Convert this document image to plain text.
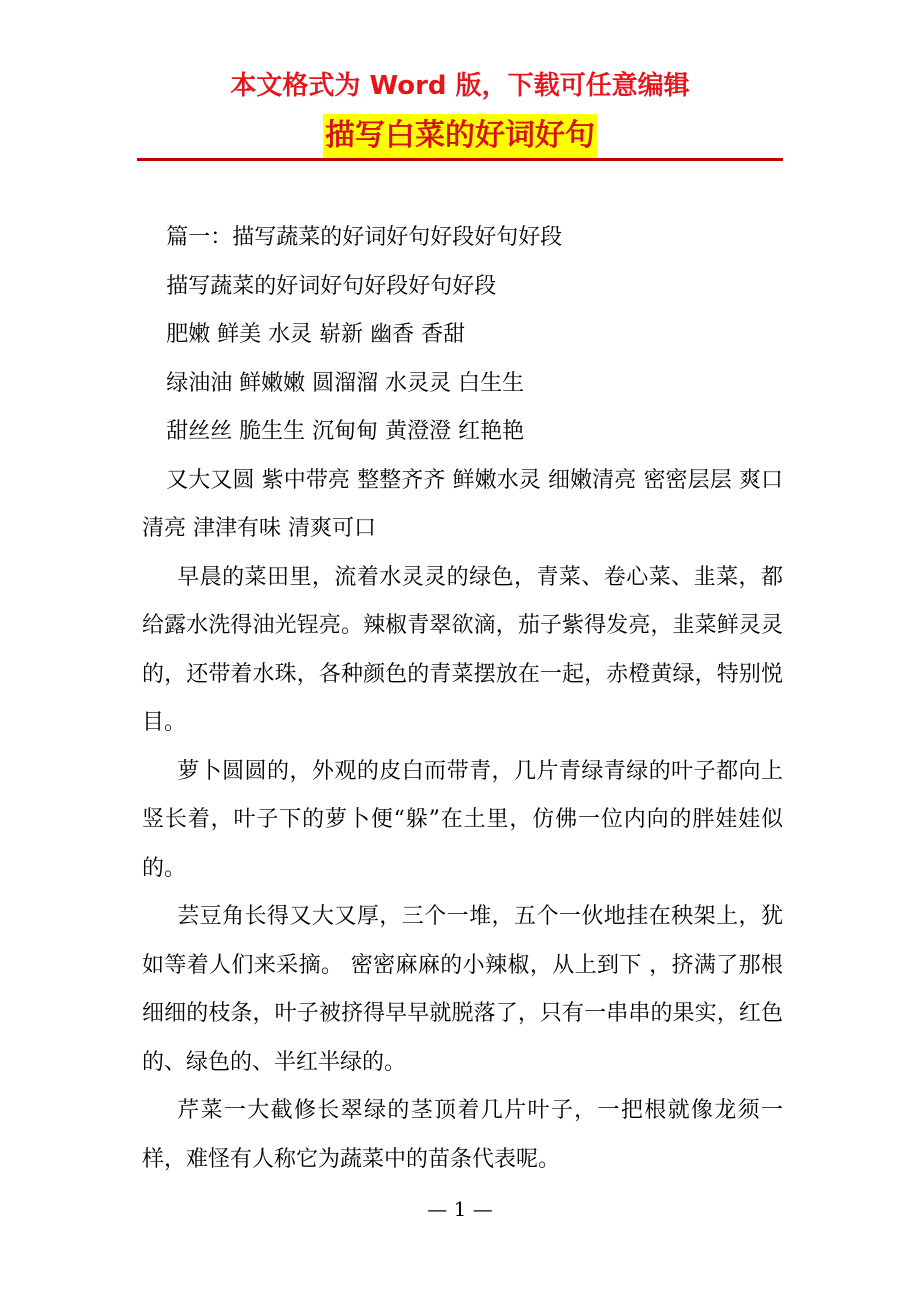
本文格式为 Word 版，下载可任意编辑
描写白菜的好词好句

篇一：描写蔬菜的好词好句好段好句好段

描写蔬菜的好词好句好段好句好段

肥嫩 鲜美 水灵 崭新 幽香 香甜

绿油油 鲜嫩嫩 圆溜溜 水灵灵 白生生

甜丝丝 脆生生 沉甸甸 黄澄澄 红艳艳

又大又圆 紫中带亮 整整齐齐 鲜嫩水灵 细嫩清亮 密密层层 爽口清亮 津津有味 清爽可口

早晨的菜田里，流着水灵灵的绿色，青菜、卷心菜、韭菜，都给露水洗得油光锃亮。辣椒青翠欲滴，茄子紫得发亮，韭菜鲜灵灵的，还带着水珠，各种颜色的青菜摆放在一起，赤橙黄绿，特别悦目。

萝卜圆圆的，外观的皮白而带青，几片青绿青绿的叶子都向上竖长着，叶子下的萝卜便“躲”在土里，仿佛一位内向的胖娃娃似的。

芸豆角长得又大又厚，三个一堆，五个一伙地挂在秧架上，犹如等着人们来采摘。 密密麻麻的小辣椒，从上到下 ，挤满了那根细细的枝条，叶子被挤得早早就脱落了，只有一串串的果实，红色的、绿色的、半红半绿的。

芹菜一大截修长翠绿的茎顶着几片叶子，一把根就像龙须一样，难怪有人称它为蔬菜中的苗条代表呢。

— 1 —
